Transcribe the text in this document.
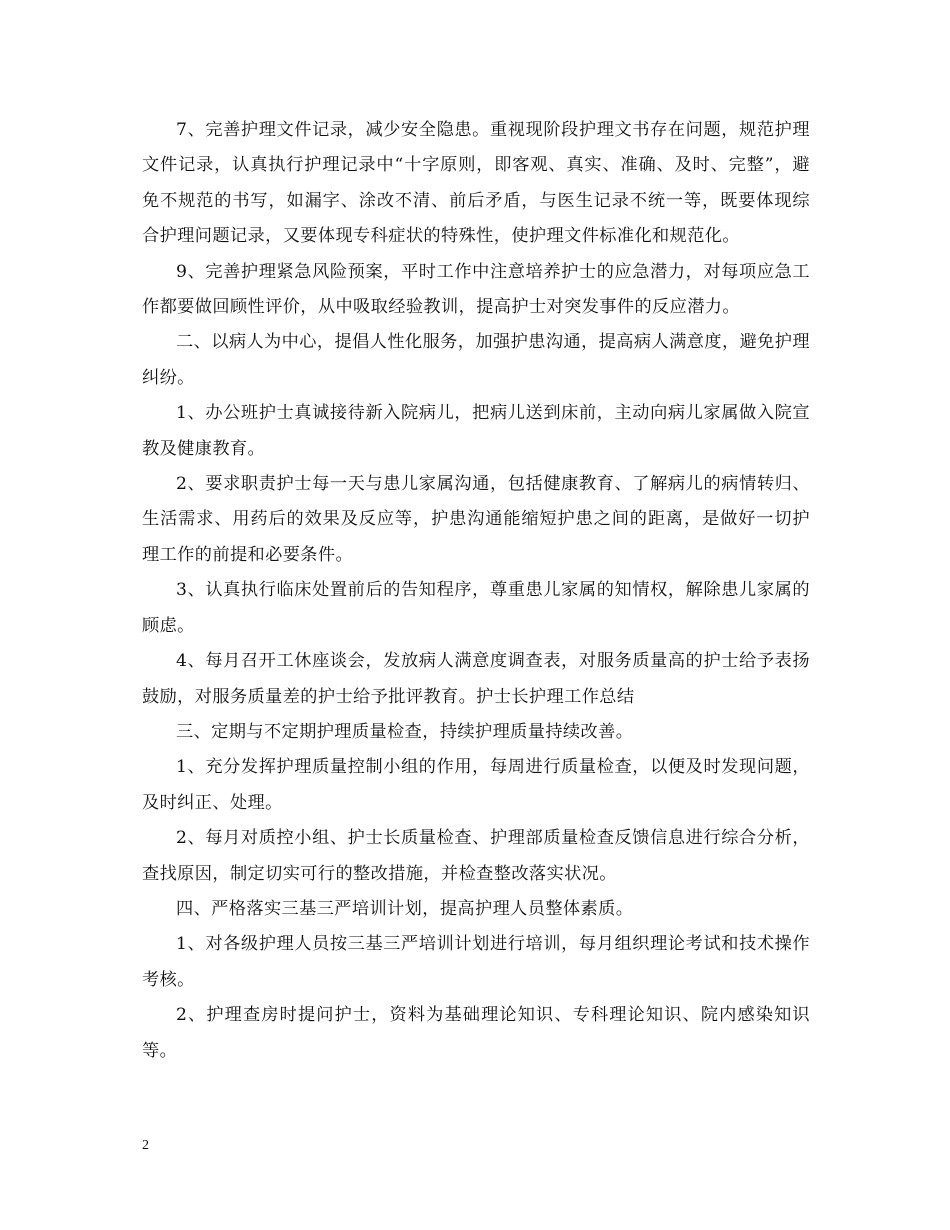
7、完善护理文件记录，减少安全隐患。重视现阶段护理文书存在问题，规范护理文件记录，认真执行护理记录中“十字原则，即客观、真实、准确、及时、完整”，避免不规范的书写，如漏字、涂改不清、前后矛盾，与医生记录不统一等，既要体现综合护理问题记录，又要体现专科症状的特殊性，使护理文件标准化和规范化。

9、完善护理紧急风险预案，平时工作中注意培养护士的应急潜力，对每项应急工作都要做回顾性评价，从中吸取经验教训，提高护士对突发事件的反应潜力。

二、以病人为中心，提倡人性化服务，加强护患沟通，提高病人满意度，避免护理纠纷。

1、办公班护士真诚接待新入院病儿，把病儿送到床前，主动向病儿家属做入院宣教及健康教育。

2、要求职责护士每一天与患儿家属沟通，包括健康教育、了解病儿的病情转归、生活需求、用药后的效果及反应等，护患沟通能缩短护患之间的距离，是做好一切护理工作的前提和必要条件。

3、认真执行临床处置前后的告知程序，尊重患儿家属的知情权，解除患儿家属的顾虑。

4、每月召开工休座谈会，发放病人满意度调查表，对服务质量高的护士给予表扬鼓励，对服务质量差的护士给予批评教育。护士长护理工作总结

三、定期与不定期护理质量检查，持续护理质量持续改善。

1、充分发挥护理质量控制小组的作用，每周进行质量检查，以便及时发现问题，及时纠正、处理。

2、每月对质控小组、护士长质量检查、护理部质量检查反馈信息进行综合分析，查找原因，制定切实可行的整改措施，并检查整改落实状况。

四、严格落实三基三严培训计划，提高护理人员整体素质。

1、对各级护理人员按三基三严培训计划进行培训，每月组织理论考试和技术操作考核。

2、护理查房时提问护士，资料为基础理论知识、专科理论知识、院内感染知识等。

2
